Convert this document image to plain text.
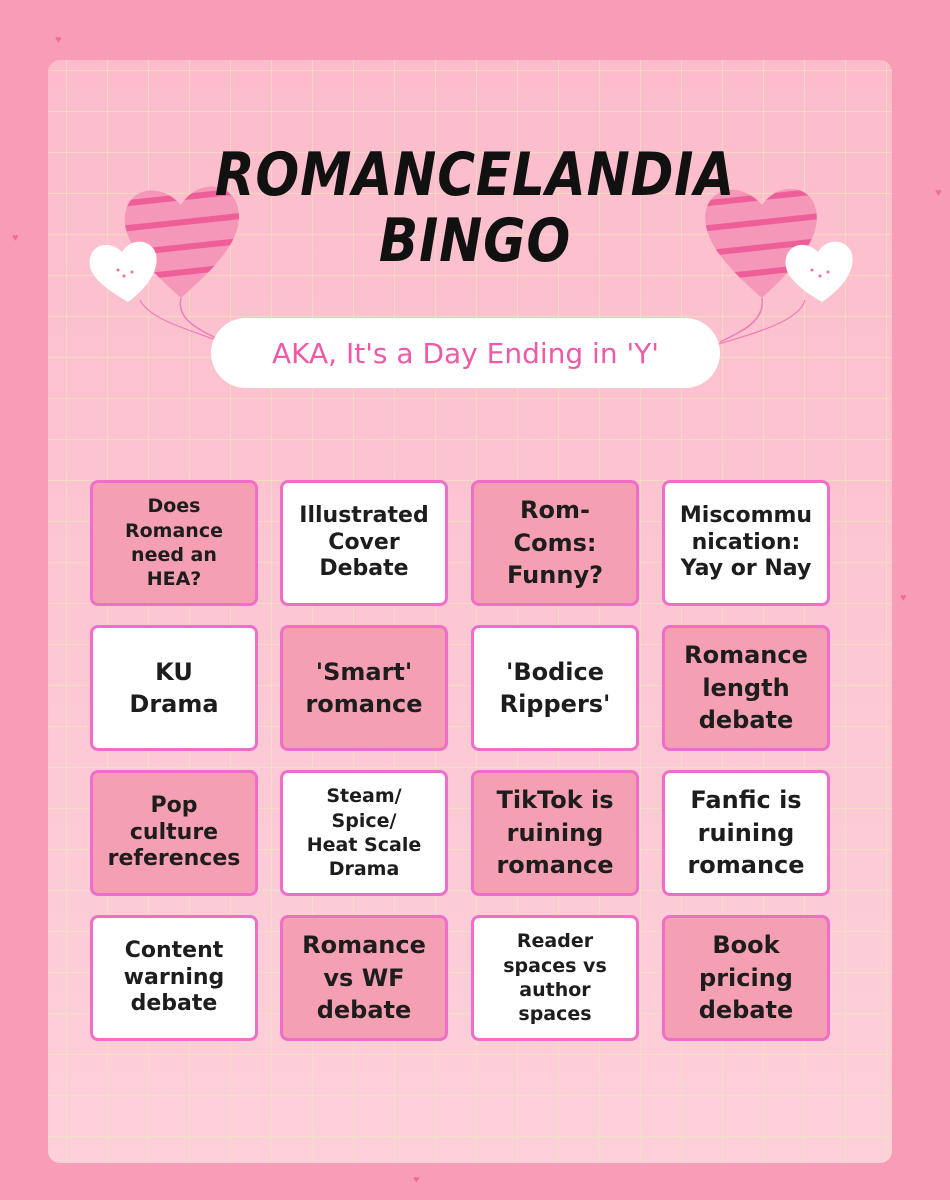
♥
♥
♥
♥
♥
ROMANCELANDIA
BINGO
AKA, It's a Day Ending in 'Y'
Does
Romance
need an
HEA?
Illustrated
Cover
Debate
Rom-
Coms:
Funny?
Miscommu
nication:
Yay or Nay
KU
Drama
'Smart'
romance
'Bodice
Rippers'
Romance
length
debate
Pop
culture
references
Steam/
Spice/
Heat Scale
Drama
TikTok is
ruining
romance
Fanfic is
ruining
romance
Content
warning
debate
Romance
vs WF
debate
Reader
spaces vs
author
spaces
Book
pricing
debate
